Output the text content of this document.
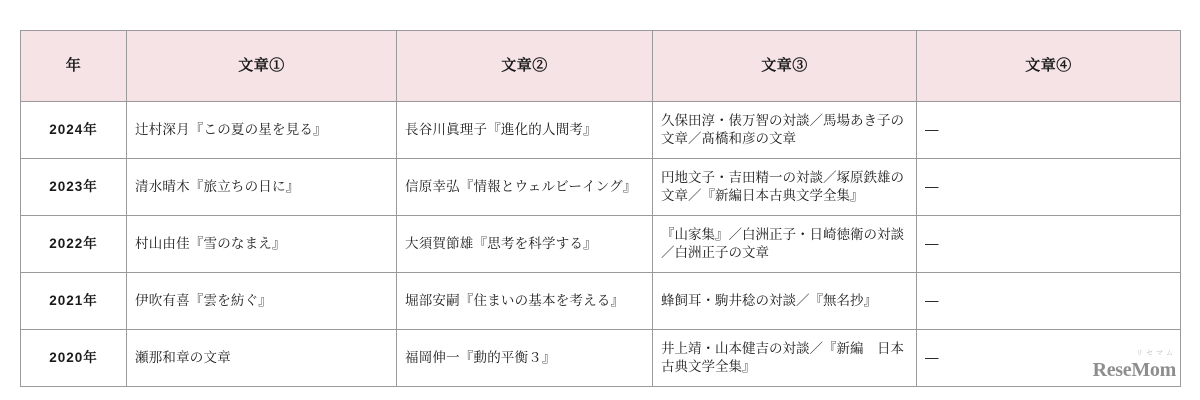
年	文章①	文章②	文章③	文章④
2024年	辻村深月『この夏の星を見る』	長谷川眞理子『進化的人間考』	久保田淳・俵万智の対談／馬場あき子の文章／髙橋和彦の文章	—
2023年	清水晴木『旅立ちの日に』	信原幸弘『情報とウェルビーイング』	円地文子・吉田精一の対談／塚原鉄雄の文章／『新編日本古典文学全集』	—
2022年	村山由佳『雪のなまえ』	大須賀節雄『思考を科学する』	『山家集』／白洲正子・日崎徳衛の対談／白洲正子の文章	—
2021年	伊吹有喜『雲を紡ぐ』	堀部安嗣『住まいの基本を考える』	蜂飼耳・駒井稔の対談／『無名抄』	—
2020年	瀬那和章の文章	福岡伸一『動的平衡３』	井上靖・山本健吉の対談／『新編　日本古典文学全集』	—	リセマム
ReseMom
